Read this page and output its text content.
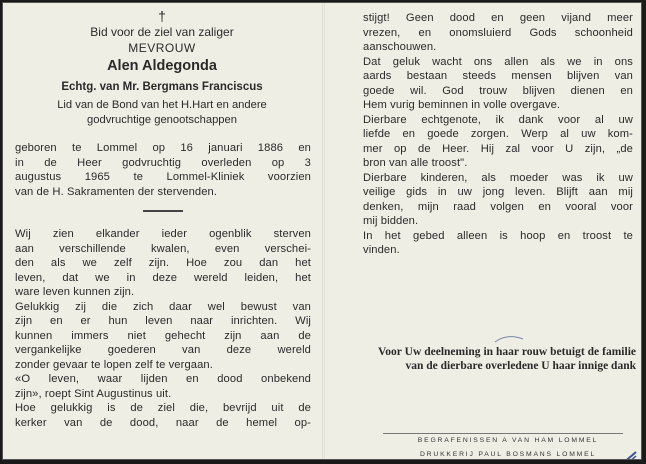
†
Bid voor de ziel van zaliger
MEVROUW
Alen Aldegonda
Echtg. van Mr. Bergmans Franciscus
Lid van de Bond van het H.Hart en andere
godvruchtige genootschappen
geboren te Lommel op 16 januari 1886 en
in de Heer godvruchtig overleden op 3
augustus 1965 te Lommel-Kliniek voorzien
van de H. Sakramenten der stervenden.
Wij zien elkander ieder ogenblik sterven
aan verschillende kwalen, even verschei-
den als we zelf zijn. Hoe zou dan het
leven, dat we in deze wereld leiden, het
ware leven kunnen zijn.
Gelukkig zij die zich daar wel bewust van
zijn en er hun leven naar inrichten. Wij
kunnen immers niet gehecht zijn aan de
vergankelijke goederen van deze wereld
zonder gevaar te lopen zelf te vergaan.
«O leven, waar lijden en dood onbekend
zijn», roept Sint Augustinus uit.
Hoe gelukkig is de ziel die, bevrijd uit de
kerker van de dood, naar de hemel op-
stijgt! Geen dood en geen vijand meer
vrezen, en onomsluierd Gods schoonheid
aanschouwen.
Dat geluk wacht ons allen als we in ons
aards bestaan steeds mensen blijven van
goede wil. God trouw blijven dienen en
Hem vurig beminnen in volle overgave.
Dierbare echtgenote, ik dank voor al uw
liefde en goede zorgen. Werp al uw kom-
mer op de Heer. Hij zal voor U zijn, „de
bron van alle troost".
Dierbare kinderen, als moeder was ik uw
veilige gids in uw jong leven. Blijft aan mij
denken, mijn raad volgen en vooral voor
mij bidden.
In het gebed alleen is hoop en troost te
vinden.
Voor Uw deelneming in haar rouw betuigt de familie van de dierbare overledene U haar innige dank
BEGRAFENISSEN A VAN HAM LOMMEL
DRUKKERIJ PAUL BOSMANS LOMMEL
